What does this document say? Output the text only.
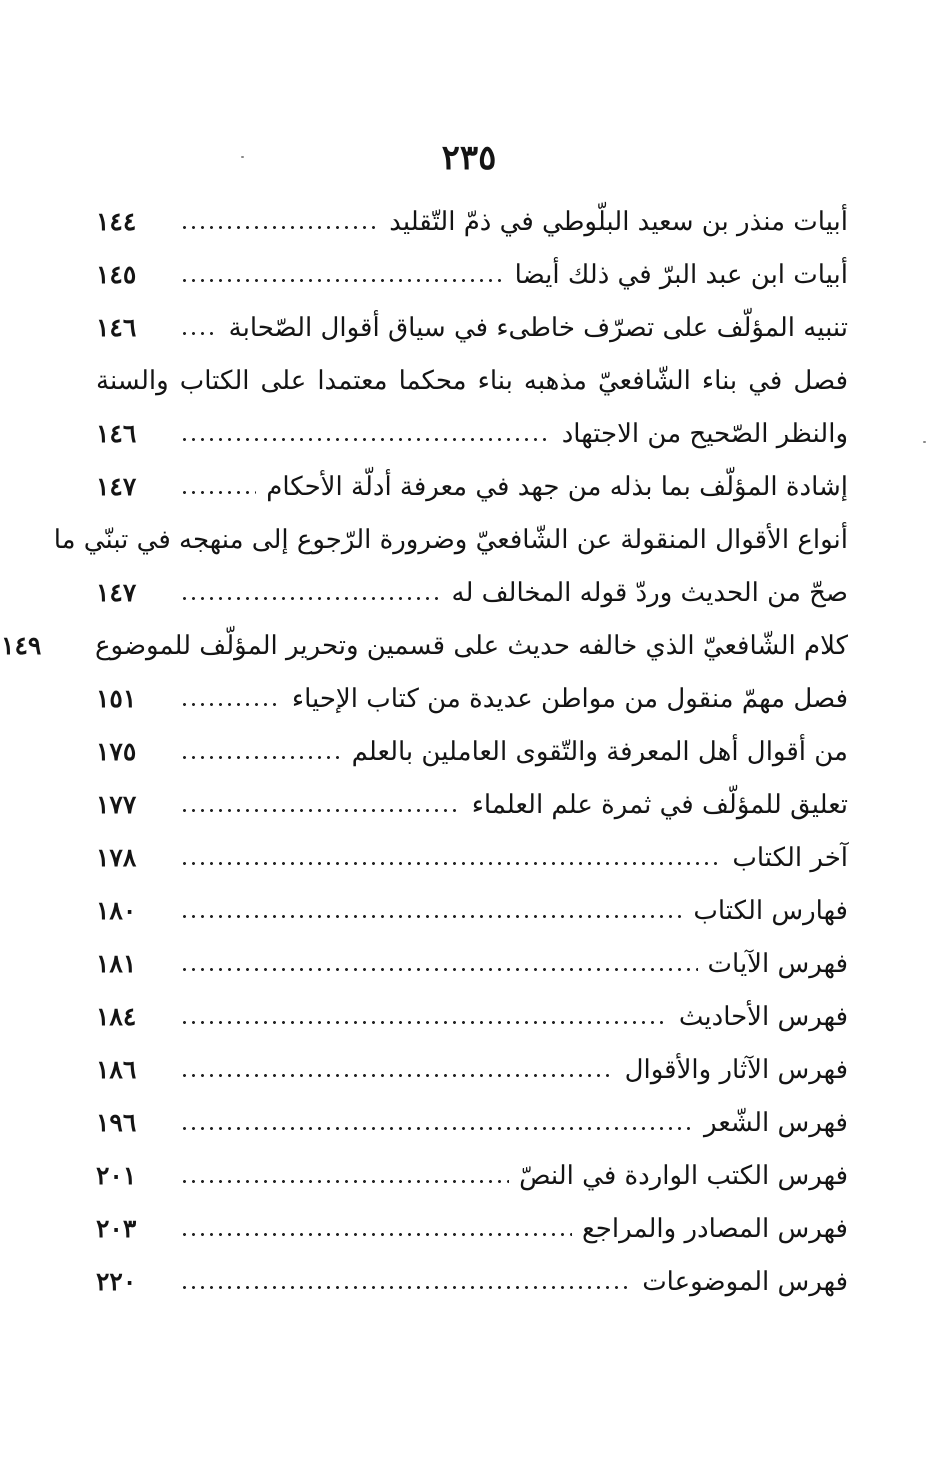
٢٣٥
أبيات منذر بن سعيد البلّوطي في ذمّ التّقليد
١٤٤
أبيات ابن عبد البرّ في ذلك أيضا
١٤٥
تنبيه المؤلّف على تصرّف خاطىء في سياق أقوال الصّحابة
١٤٦
فصل في بناء الشّافعيّ مذهبه بناء محكما معتمدا على الكتاب والسنة
والنظر الصّحيح من الاجتهاد
١٤٦
إشادة المؤلّف بما بذله من جهد في معرفة أدلّة الأحكام
١٤٧
أنواع الأقوال المنقولة عن الشّافعيّ وضرورة الرّجوع إلى منهجه في تبنّي ما
صحّ من الحديث وردّ قوله المخالف له
١٤٧
كلام الشّافعيّ الذي خالفه حديث على قسمين وتحرير المؤلّف للموضوع
١٤٩
فصل مهمّ منقول من مواطن عديدة من كتاب الإحياء
١٥١
من أقوال أهل المعرفة والتّقوى العاملين بالعلم
١٧٥
تعليق للمؤلّف في ثمرة علم العلماء
١٧٧
آخر الكتاب
١٧٨
فهارس الكتاب
١٨٠
فهرس الآيات
١٨١
فهرس الأحاديث
١٨٤
فهرس الآثار والأقوال
١٨٦
فهرس الشّعر
١٩٦
فهرس الكتب الواردة في النصّ
٢٠١
فهرس المصادر والمراجع
٢٠٣
فهرس الموضوعات
٢٢٠
